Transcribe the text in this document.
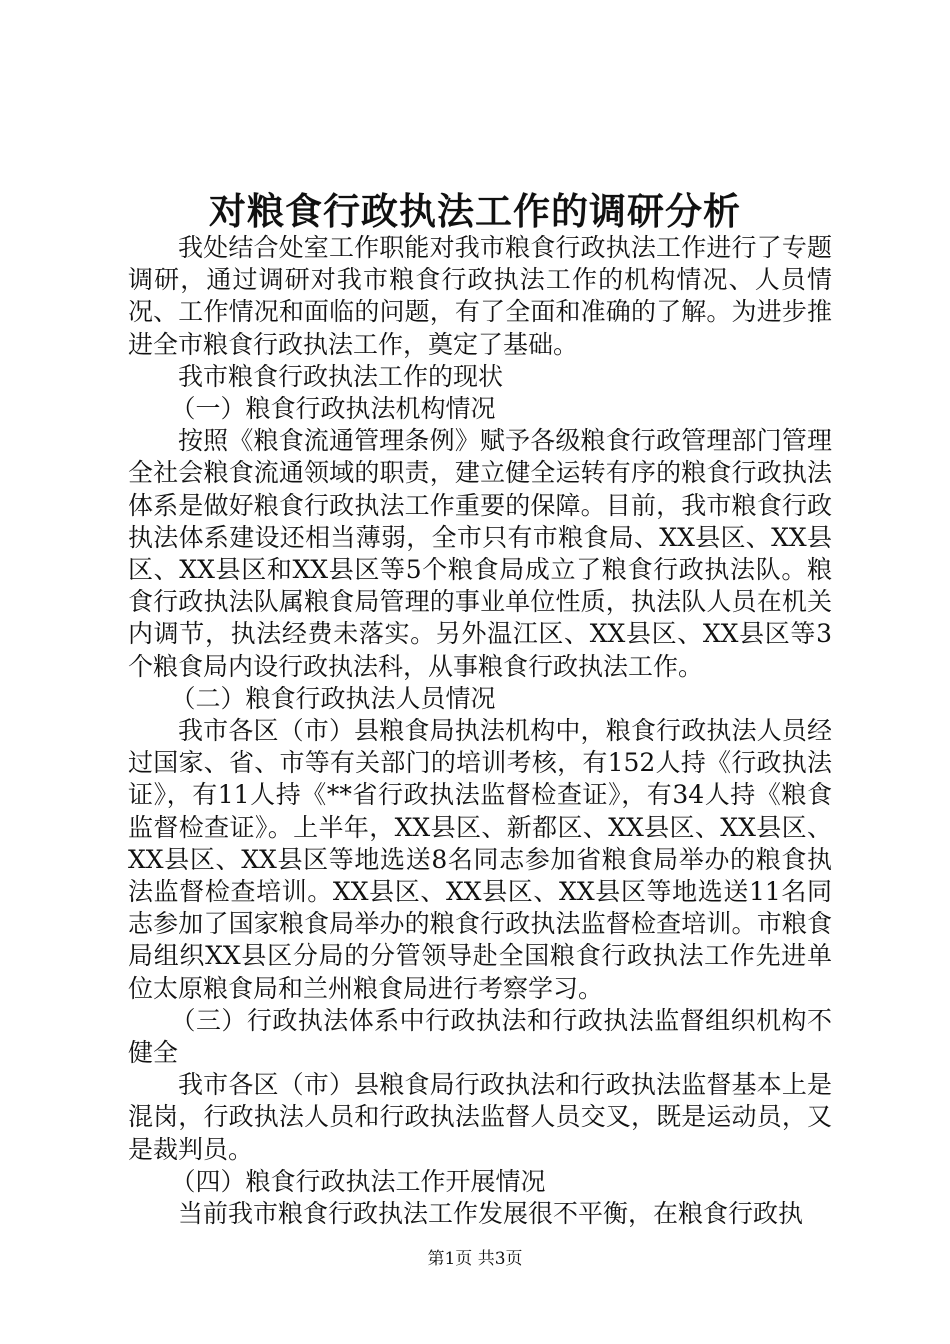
对粮食行政执法工作的调研分析

我处结合处室工作职能对我市粮食行政执法工作进行了专题调研，通过调研对我市粮食行政执法工作的机构情况、人员情况、工作情况和面临的问题，有了全面和准确的了解。为进步推进全市粮食行政执法工作，奠定了基础。

我市粮食行政执法工作的现状

（一）粮食行政执法机构情况

按照《粮食流通管理条例》赋予各级粮食行政管理部门管理全社会粮食流通领域的职责，建立健全运转有序的粮食行政执法体系是做好粮食行政执法工作重要的保障。目前，我市粮食行政执法体系建设还相当薄弱，全市只有市粮食局、XX县区、XX县区、XX县区和XX县区等5个粮食局成立了粮食行政执法队。粮食行政执法队属粮食局管理的事业单位性质，执法队人员在机关内调节，执法经费未落实。另外温江区、XX县区、XX县区等3个粮食局内设行政执法科，从事粮食行政执法工作。

（二）粮食行政执法人员情况

我市各区（市）县粮食局执法机构中，粮食行政执法人员经过国家、省、市等有关部门的培训考核，有152人持《行政执法证》，有11人持《**省行政执法监督检查证》，有34人持《粮食监督检查证》。上半年，XX县区、新都区、XX县区、XX县区、XX县区、XX县区等地选送8名同志参加省粮食局举办的粮食执法监督检查培训。XX县区、XX县区、XX县区等地选送11名同志参加了国家粮食局举办的粮食行政执法监督检查培训。市粮食局组织XX县区分局的分管领导赴全国粮食行政执法工作先进单位太原粮食局和兰州粮食局进行考察学习。

（三）行政执法体系中行政执法和行政执法监督组织机构不健全

我市各区（市）县粮食局行政执法和行政执法监督基本上是混岗，行政执法人员和行政执法监督人员交叉，既是运动员，又是裁判员。

（四）粮食行政执法工作开展情况

当前我市粮食行政执法工作发展很不平衡，在粮食行政执

第1页 共3页
